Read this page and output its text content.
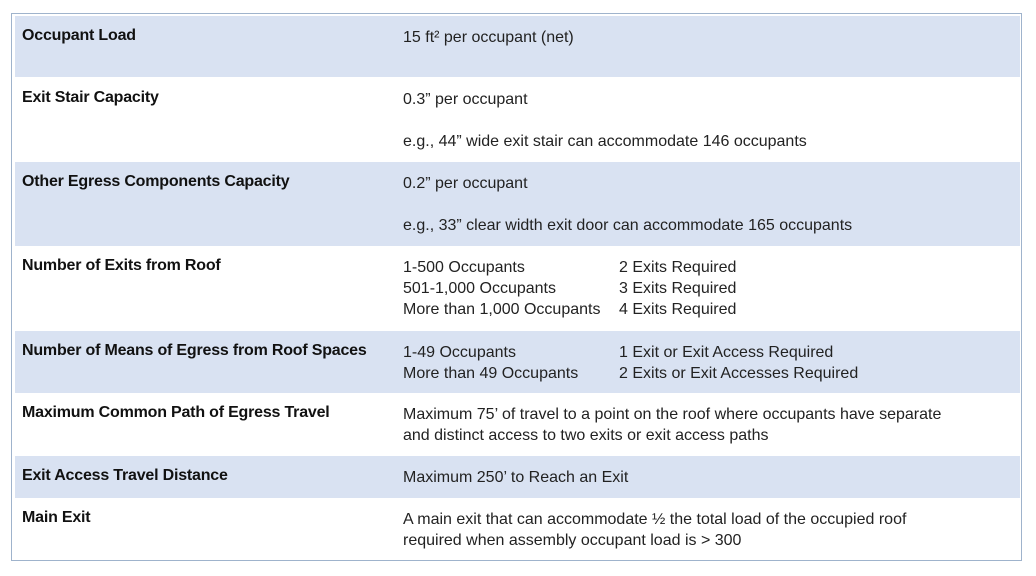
Occupant Load	15 ft² per occupant (net)

Exit Stair Capacity	0.3” per occupant

e.g., 44” wide exit stair can accommodate 146 occupants

Other Egress Components Capacity	0.2” per occupant

e.g., 33” clear width exit door can accommodate 165 occupants

Number of Exits from Roof	1-500 Occupants	2 Exits Required
501-1,000 Occupants	3 Exits Required
More than 1,000 Occupants	4 Exits Required
Number of Means of Egress from Roof Spaces	1-49 Occupants	1 Exit or Exit Access Required
More than 49 Occupants	2 Exits or Exit Accesses Required
Maximum Common Path of Egress Travel	Maximum 75’ of travel to a point on the roof where occupants have separate

and distinct access to two exits or exit access paths

Exit Access Travel Distance	Maximum 250’ to Reach an Exit

Main Exit	A main exit that can accommodate ½ the total load of the occupied roof

required when assembly occupant load is > 300
